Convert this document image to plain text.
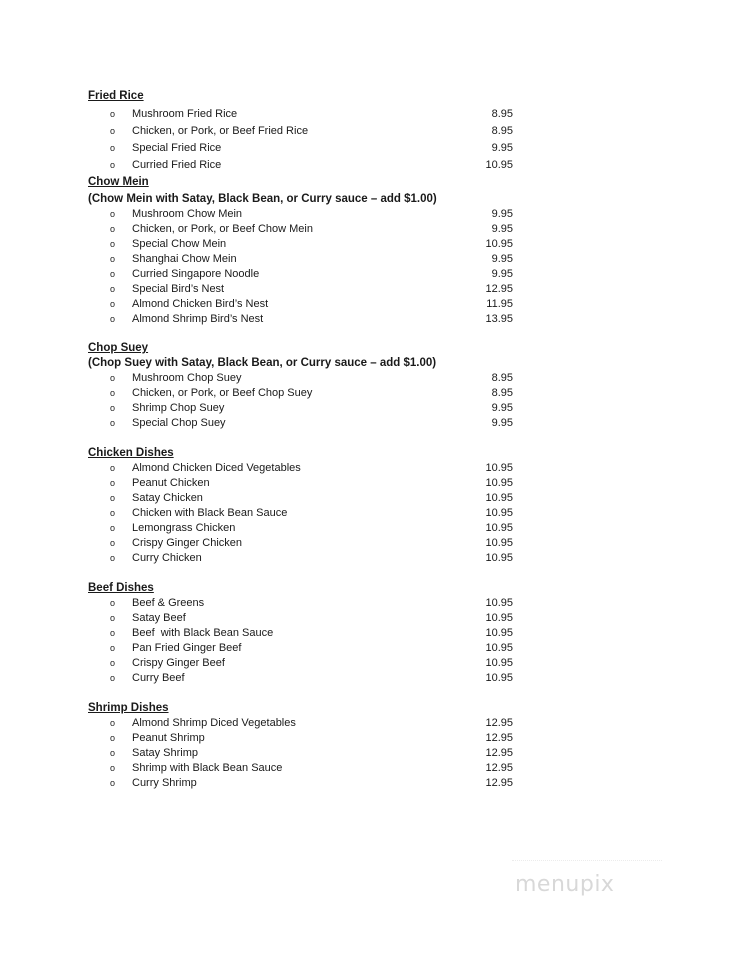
Fried Rice
o Mushroom Fried Rice	8.95
o Chicken, or Pork, or Beef Fried Rice	8.95
o Special Fried Rice	9.95
o Curried Fried Rice	10.95
Chow Mein
(Chow Mein with Satay, Black Bean, or Curry sauce – add $1.00)
o Mushroom Chow Mein	9.95
o Chicken, or Pork, or Beef Chow Mein	9.95
o Special Chow Mein	10.95
o Shanghai Chow Mein	9.95
o Curried Singapore Noodle	9.95
o Special Bird’s Nest	12.95
o Almond Chicken Bird’s Nest	11.95
o Almond Shrimp Bird’s Nest	13.95
Chop Suey
(Chop Suey with Satay, Black Bean, or Curry sauce – add $1.00)
o Mushroom Chop Suey	8.95
o Chicken, or Pork, or Beef Chop Suey	8.95
o Shrimp Chop Suey	9.95
o Special Chop Suey	9.95
Chicken Dishes
o Almond Chicken Diced Vegetables	10.95
o Peanut Chicken	10.95
o Satay Chicken	10.95
o Chicken with Black Bean Sauce	10.95
o Lemongrass Chicken	10.95
o Crispy Ginger Chicken	10.95
o Curry Chicken	10.95
Beef Dishes
o Beef & Greens	10.95
o Satay Beef	10.95
o Beef  with Black Bean Sauce	10.95
o Pan Fried Ginger Beef	10.95
o Crispy Ginger Beef	10.95
o Curry Beef	10.95
Shrimp Dishes
o Almond Shrimp Diced Vegetables	12.95
o Peanut Shrimp	12.95
o Satay Shrimp	12.95
o Shrimp with Black Bean Sauce	12.95
o Curry Shrimp	12.95
menupix
